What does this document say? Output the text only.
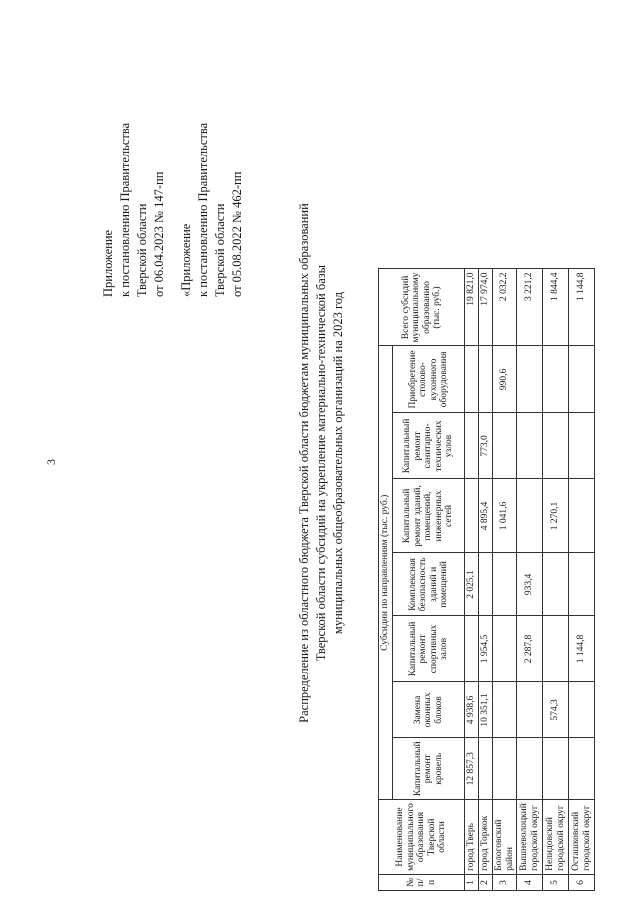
3
Приложение к постановлению Правительства Тверской области от 06.04.2023 № 147-пп «Приложение к постановлению Правительства Тверской области от 05.08.2022 № 462-пп	Распределение из областного бюджета Тверской области бюджетам муниципальных образований Тверской области субсидий на укрепление материально-технической базы муниципальных общеобразовательных организаций на 2023 год
№ п/п	Наименование муниципального образования Тверской области	Субсидии по направлениям (тыс. руб.)							Всего субсидий муниципальному образованию (тыс. руб.)
		Капитальный ремонт кровель	Замена оконных блоков	Капитальный ремонт спортивных залов	Комплексная безопасность зданий и помещений	Капитальный ремонт зданий, помещений, инженерных сетей	Капитальный ремонт санитарно-технических узлов	Приобретение столово-кухонного оборудования	
1	город Тверь	12 857,3	4 938,6		2 025,1				19 821,0
2	город Торжок		10 351,1	1 954,5		4 895,4	773,0		17 974,0
3	Бологовский район					1 041,6		990,6	2 032,2
4	Вышневолоцкий городской округ			2 287,8	933,4				3 221,2
5	Нелидовский городской округ		574,3			1 270,1			1 844,4
6	Осташковский городской округ			1 144,8					1 144,8
